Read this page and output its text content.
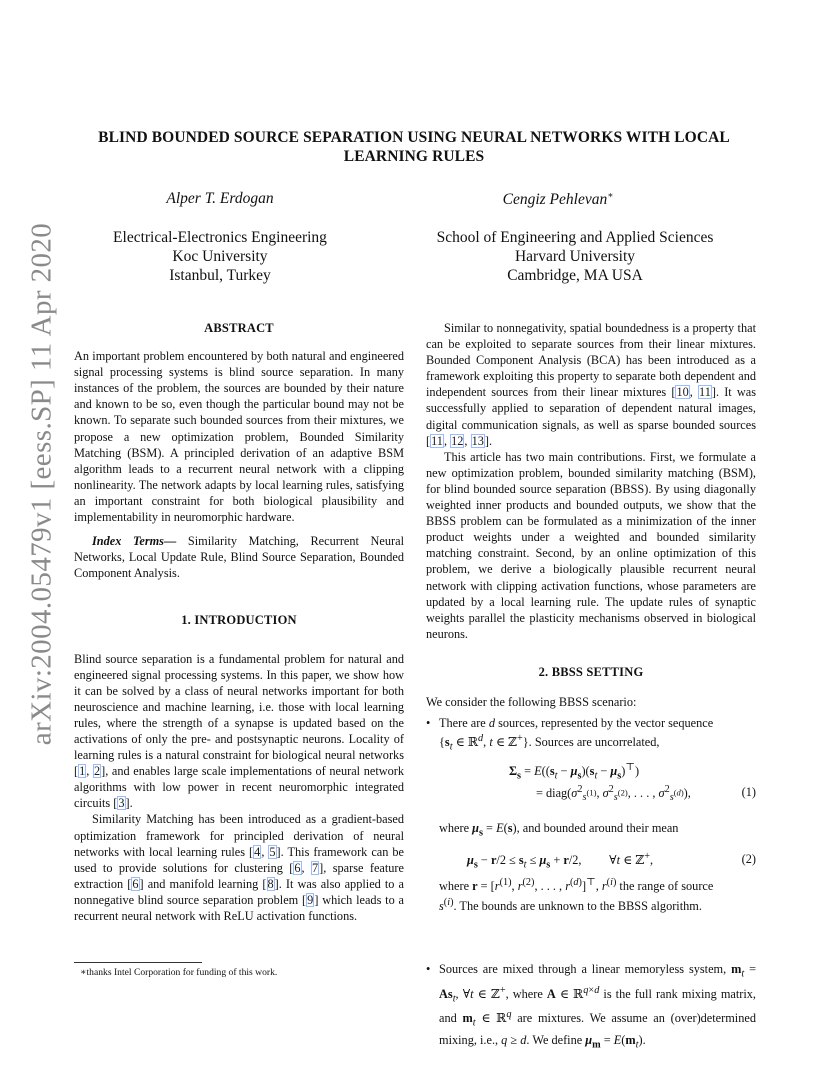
arXiv:2004.05479v1 [eess.SP] 11 Apr 2020
BLIND BOUNDED SOURCE SEPARATION USING NEURAL NETWORKS WITH LOCAL
LEARNING RULES
Alper T. Erdogan	Cengiz Pehlevan∗
Electrical-Electronics Engineering
Koc University
Istanbul, Turkey
School of Engineering and Applied Sciences
Harvard University
Cambridge, MA USA
ABSTRACT

An important problem encountered by both natural and engineered signal processing systems is blind source separation. In many instances of the problem, the sources are bounded by their nature and known to be so, even though the particular bound may not be known. To separate such bounded sources from their mixtures, we propose a new optimization problem, Bounded Similarity Matching (BSM). A principled derivation of an adaptive BSM algorithm leads to a recurrent neural network with a clipping nonlinearity. The network adapts by local learning rules, satisfying an important constraint for both biological plausibility and implementability in neuromorphic hardware.

Index Terms— Similarity Matching, Recurrent Neural Networks, Local Update Rule, Blind Source Separation, Bounded Component Analysis.

1. INTRODUCTION

Blind source separation is a fundamental problem for natural and engineered signal processing systems. In this paper, we show how it can be solved by a class of neural networks important for both neuroscience and machine learning, i.e. those with local learning rules, where the strength of a synapse is updated based on the activations of only the pre- and postsynaptic neurons. Locality of learning rules is a natural constraint for biological neural networks [1, 2], and enables large scale implementations of neural network algorithms with low power in recent neuromorphic integrated circuits [3].

Similarity Matching has been introduced as a gradient-based optimization framework for principled derivation of neural networks with local learning rules [4, 5]. This framework can be used to provide solutions for clustering [6, 7], sparse feature extraction [6] and manifold learning [8]. It was also applied to a nonnegative blind source separation problem [9] which leads to a recurrent neural network with ReLU activation functions.

∗thanks Intel Corporation for funding of this work.

Similar to nonnegativity, spatial boundedness is a property that can be exploited to separate sources from their linear mixtures. Bounded Component Analysis (BCA) has been introduced as a framework exploiting this property to separate both dependent and independent sources from their linear mixtures [10, 11]. It was successfully applied to separation of dependent natural images, digital communication signals, as well as sparse bounded sources [11, 12, 13].

This article has two main contributions. First, we formulate a new optimization problem, bounded similarity matching (BSM), for blind bounded source separation (BBSS). By using diagonally weighted inner products and bounded outputs, we show that the BBSS problem can be formulated as a minimization of the inner product weights under a weighted and bounded similarity matching constraint. Second, by an online optimization of this problem, we derive a biologically plausible recurrent neural network with clipping activation functions, whose parameters are updated by a local learning rule. The update rules of synaptic weights parallel the plasticity mechanisms observed in biological neurons.

2. BBSS SETTING

We consider the following BBSS scenario:

• There are d sources, represented by the vector sequence
{$s_t$ ∈ ℝ$^d$, t ∈ ℤ+}. Sources are uncorrelated,
$\Sigma_s = E((s_t - \mu_s)(s_t - \mu_s)^⊤)$
= $diag(\sigma^2_{s^{(1)}}$, $\sigma^2_{s^{(2)}}$, . . . , $\sigma^2_{s^{(d)}}$),	(1)
where $\mu_s = E(s)$, and bounded around their mean
$\mu_s - r/2 \le s_t \le \mu_s + r/2$,         ∀t ∈ ℤ+,	(2)
where $r = [r^{(1)}$, $r^{(2)}$, . . . , $r^{(d)}]^⊤$, $r^{(i)}$ the range of source
$s^{(i)}$. The bounds are unknown to the BBSS algorithm.
• Sources are mixed through a linear memoryless system, $m_t = As_t$, ∀t ∈ ℤ+, where A ∈ ℝ$^{q\times d}$ is the full rank mixing matrix, and $m_t$ ∈ ℝ$^q$ are mixtures. We assume an (over)determined mixing, i.e., q ≥ d. We define $\mu_m = E(m_t)$.
